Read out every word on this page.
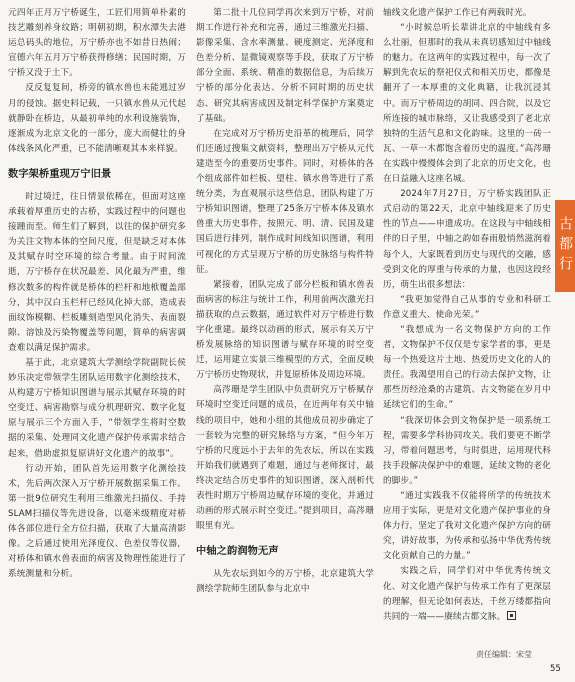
元四年正月万宁桥诞生，工匠们用简单朴素的技艺雕刻养身纹路；明朝初期，积水潭失去港运总码头的地位，万宁桥亦也不如昔日热闹；宣德六年五月万宁桥获得修缮；民国时期，万宁桥又没于土下。

反反复复间，桥旁的镇水兽也未能逃过岁月的侵蚀。据史料记载，一只镇水兽从元代起就静卧在桥边，从最初单纯的水利设施装饰，逐渐成为北京文化的一部分，庞大而健壮的身体线条风化严重，已不能清晰观其本来样貌。

数字架桥重现万宁旧景

时过境迁，往日情景依稀在，但面对这座承载着厚重历史的古桥，实践过程中的问题也接踵而至。师生们了解到，以往的保护研究多为关注文物本体的空间尺度，但是缺乏对本体及其赋存时空环境的综合考量。由于时间流逝，万宁桥存在状况最差、风化最为严重，维修次数多的构件就是桥体的栏杆和地栿覆盖部分，其中汉白玉栏杆已经风化掉大部，造成表面纹饰模糊、栏板雕刻造型风化消失、表面裂隙、溶蚀及污染物覆盖等问题，简单的病害调查难以满足保护需求。

基于此，北京建筑大学测绘学院副院长侯妙乐决定带领学生团队运用数字化测绘技术，从构建万宁桥知识图谱与展示其赋存环境的时空变迁、病害勘察与成分机理研究、数字化复原与展示三个方面入手，“带领学生将时空数据的采集、处理同文化遗产保护传承需求结合起来，借助虚拟复原讲好文化遗产的故事”。

行动开始，团队首先运用数字化测绘技术，先后两次深入万宁桥开展数据采集工作。第一批9位研究生利用三维激光扫描仪、手持SLAM扫描仪等先进设备，以毫米级精度对桥体各部位进行全方位扫描，获取了大量高清影像。之后通过使用光泽度仪、色差仪等仪器，对桥体和镇水兽表面的病害及物理性能进行了系统测量和分析。

第二批十几位同学再次来到万宁桥，对前期工作进行补充和完善，通过三维激光扫描、影像采集、含水率测量、硬度测定、光泽度和色差分析、显微镜观察等手段，获取了万宁桥部分全面、系统、精准的数据信息，为后续万宁桥的部分化表达、分析不同时期的历史状态、研究其病害成因及制定科学保护方案奠定了基础。

在完成对万宁桥历史沿革的梳理后，同学们还通过搜集文献资料，整理出万宁桥从元代建造至今的重要历史事件。同时，对桥体的各个组成部件如栏板、望柱、镇水兽等进行了系统分类，为直观展示这些信息，团队构建了万宁桥知识图谱，整理了25条万宁桥本体及镇水兽重大历史事件，按照元、明、清、民国及建国后进行排列，制作成时间线知识图谱，利用可视化的方式呈现万宁桥的历史脉络与构件特征。

紧接着，团队完成了部分栏板和镇水兽表面病害的标注与统计工作，利用前两次激光扫描获取的点云数据，通过软件对万宁桥进行数字化重建。最终以动画的形式，展示有关万宁桥发展脉络的知识图谱与赋存环境的时空变迁，运用建立实景三维模型的方式，全面反映万宁桥历史物现状，并复原桥体及周边环境。

高涔珊是学生团队中负责研究万宁桥赋存环境时空变迁问题的成员，在近两年有关中轴线的项目中，她和小组的其他成员初步确定了一套较为完整的研究脉络与方案，“但今年万宁桥的尺度远小于去年的先农坛，所以在实践开始我们就遇到了难题，通过与老师探讨，最终决定结合历史事件的知识图谱，深入剖析代表性时期万宁桥周边赋存环境的变化，并通过动画的形式展示时空变迁。”提到项目，高涔珊眼里有光。

中轴之韵润物无声

从先农坛到如今的万宁桥，北京建筑大学测绘学院师生团队参与北京中

轴线文化遗产保护工作已有两载时光。

“小时候总听长辈讲北京的中轴线有多么壮丽，但那时的我从未真切感知过中轴线的魅力。在这两年的实践过程中，每一次了解到先农坛的祭祀仪式和相关历史，都像是翻开了一本厚重的文化典籍，让我沉浸其中。而万宁桥周边的胡同、四合院，以及它所连接的城市脉络，又让我感受到了老北京独特的生活气息和文化韵味。这里的一砖一瓦、一草一木都饱含着历史的温度。”高涔珊在实践中慢慢体会到了北京的历史文化，也在日益融入这座名城。

2024年7月27日，万宁桥实践团队正式启动的第22天，北京中轴线迎来了历史性的节点——申遗成功。在这段与中轴线相伴的日子里，中轴之韵如春雨般悄然滋润着每个人，大家既看到历史与现代的交融，感受到文化的厚重与传承的力量，也因这段经历，萌生出很多想法：

“我更加觉得自己从事的专业和科研工作意义重大、使命光荣。”

“我想成为一名文物保护方向的工作者，文物保护不仅仅是专家学者的事，更是每一个热爱这片土地、热爱历史文化的人的责任。我渴望用自己的行动去保护文物，让那些历经沧桑的古建筑、古文物能在岁月中延续它们的生命。”

“我深切体会到文物保护是一项系统工程，需要多学科协同攻关。我们要更不断学习，带着问题思考，与时俱进，运用现代科技手段解决保护中的难题，延续文物的老化的脚步。”

“通过实践我不仅能将所学的传统技术应用于实际，更是对文化遗产保护事业的身体力行，坚定了我对文化遗产保护方向的研究，讲好故事，为传承和弘扬中华优秀传统文化贡献自己的力量。”

实践之后，同学们对中华优秀传统文化、对文化遗产保护与传承工作有了更深层的理解，但无论如何表达，千丝万缕都指向共同的一端——赓续古都文脉。

古都行
责任编辑：宋莹
55
